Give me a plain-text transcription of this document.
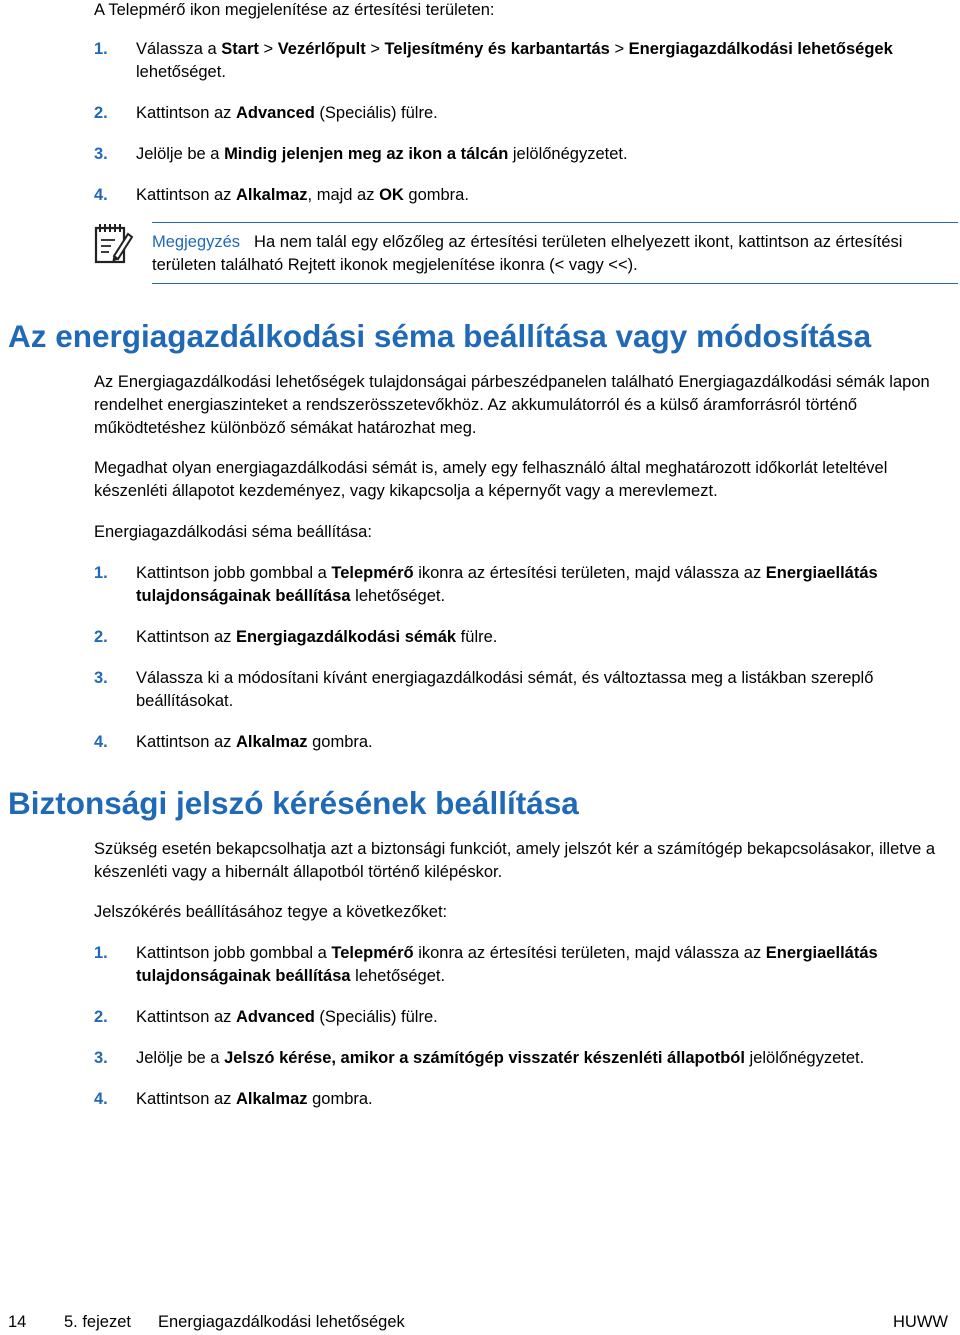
A Telepmérő ikon megjelenítése az értesítési területen:

1. Válassza a Start > Vezérlőpult > Teljesítmény és karbantartás > Energiagazdálkodási lehetőségek lehetőséget.
2. Kattintson az Advanced (Speciális) fülre.
3. Jelölje be a Mindig jelenjen meg az ikon a tálcán jelölőnégyzetet.
4. Kattintson az Alkalmaz, majd az OK gombra.
Megjegyzés Ha nem talál egy előzőleg az értesítési területen elhelyezett ikont, kattintson az értesítési területen található Rejtett ikonok megjelenítése ikonra (< vagy <<).
Az energiagazdálkodási séma beállítása vagy módosítása

Az Energiagazdálkodási lehetőségek tulajdonságai párbeszédpanelen található Energiagazdálkodási sémák lapon rendelhet energiaszinteket a rendszerösszetevőkhöz. Az akkumulátorról és a külső áramforrásról történő működtetéshez különböző sémákat határozhat meg.

Megadhat olyan energiagazdálkodási sémát is, amely egy felhasználó által meghatározott időkorlát leteltével készenléti állapotot kezdeményez, vagy kikapcsolja a képernyőt vagy a merevlemezt.

Energiagazdálkodási séma beállítása:

1. Kattintson jobb gombbal a Telepmérő ikonra az értesítési területen, majd válassza az Energiaellátás tulajdonságainak beállítása lehetőséget.
2. Kattintson az Energiagazdálkodási sémák fülre.
3. Válassza ki a módosítani kívánt energiagazdálkodási sémát, és változtassa meg a listákban szereplő beállításokat.
4. Kattintson az Alkalmaz gombra.
Biztonsági jelszó kérésének beállítása

Szükség esetén bekapcsolhatja azt a biztonsági funkciót, amely jelszót kér a számítógép bekapcsolásakor, illetve a készenléti vagy a hibernált állapotból történő kilépéskor.

Jelszókérés beállításához tegye a következőket:

1. Kattintson jobb gombbal a Telepmérő ikonra az értesítési területen, majd válassza az Energiaellátás tulajdonságainak beállítása lehetőséget.
2. Kattintson az Advanced (Speciális) fülre.
3. Jelölje be a Jelszó kérése, amikor a számítógép visszatér készenléti állapotból jelölőnégyzetet.
4. Kattintson az Alkalmaz gombra.
14 5. fejezet Energiagazdálkodási lehetőségek	HUWW
